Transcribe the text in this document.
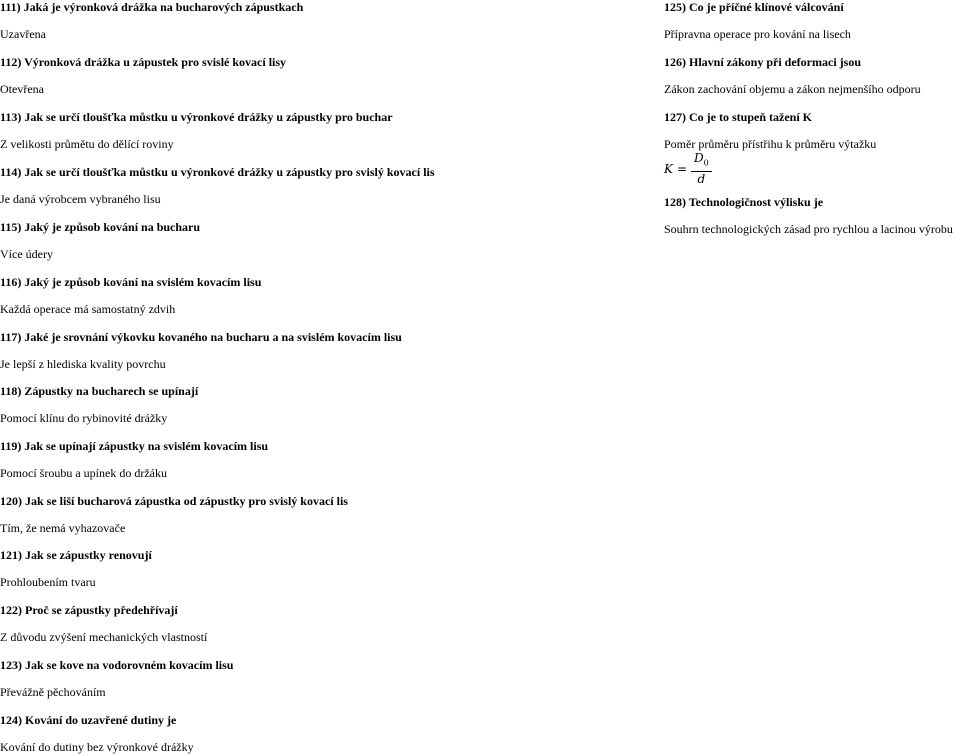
111) Jaká je výronková drážka na bucharových zápustkach
Uzavřena
112) Výronková drážka u zápustek pro svislé kovací lisy
Otevřena
113) Jak se určí tloušťka můstku u výronkové drážky u zápustky pro buchar
Z velikosti průmětu do dělící roviny
114) Jak se určí tloušťka můstku u výronkové drážky u zápustky pro svislý kovací lis
Je daná výrobcem vybraného lisu
115) Jaký je způsob kování na bucharu
Více údery
116) Jaký je způsob kování na svislém kovacím lisu
Každá operace má samostatný zdvih
117) Jaké je srovnání výkovku kovaného na bucharu a na svislém kovacím lisu
Je lepší z hlediska kvality povrchu
118) Zápustky na bucharech se upínají
Pomocí klínu do rybinovité drážky
119) Jak se upínají zápustky na svislém kovacím lisu
Pomocí šroubu a upínek do držáku
120) Jak se liší bucharová zápustka od zápustky pro svislý kovací lis
Tím, že nemá vyhazovače
121) Jak se zápustky renovují
Prohloubením tvaru
122) Proč se zápustky předehřívají
Z důvodu zvýšení mechanických vlastností
123) Jak se kove na vodorovném kovacím lisu
Převážně pěchováním
124) Kování do uzavřené dutiny je
Kování do dutiny bez výronkové drážky
125) Co je příčné klínové válcování
Přípravna operace pro kování na lisech
126) Hlavní zákony při deformaci jsou
Zákon zachování objemu a zákon nejmenšího odporu
127) Co je to stupeň tažení K
Poměr průměru přístřihu k průměru výtažku
$K = \frac{D_0}{d}$
128) Technologičnost výlisku je
Souhrn technologických zásad pro rychlou a lacinou výrobu
